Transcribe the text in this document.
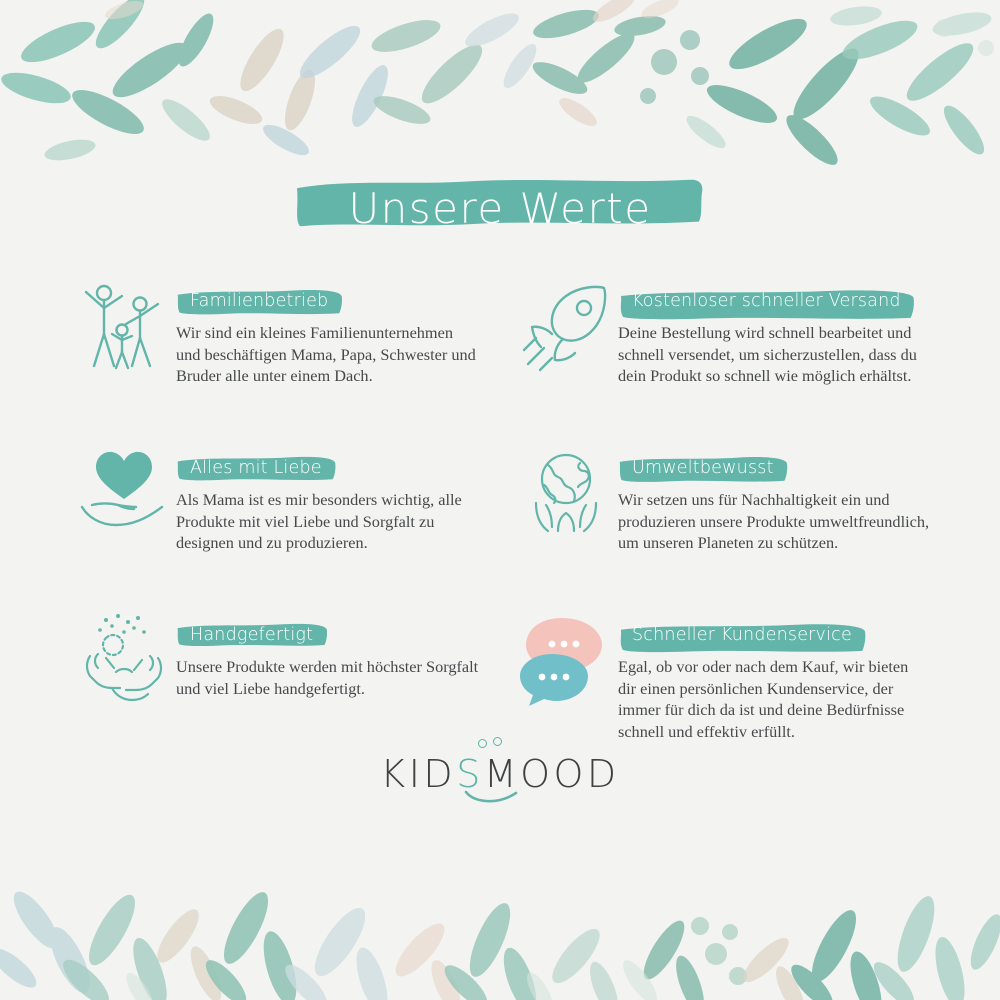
Unsere Werte
Familienbetrieb
Wir sind ein kleines Familienunternehmen und beschäftigen Mama, Papa, Schwester und Bruder alle unter einem Dach.
Kostenloser schneller Versand
Deine Bestellung wird schnell bearbeitet und schnell versendet, um sicherzustellen, dass du dein Produkt so schnell wie möglich erhältst.
Alles mit Liebe
Als Mama ist es mir besonders wichtig, alle Produkte mit viel Liebe und Sorgfalt zu designen und zu produzieren.
Umweltbewusst
Wir setzen uns für Nachhaltigkeit ein und produzieren unsere Produkte umweltfreundlich, um unseren Planeten zu schützen.
Handgefertigt
Unsere Produkte werden mit höchster Sorgfalt und viel Liebe handgefertigt.
Schneller Kundenservice
Egal, ob vor oder nach dem Kauf, wir bieten dir einen persönlichen Kundenservice, der immer für dich da ist und deine Bedürfnisse schnell und effektiv erfüllt.
KIDSMOOD
